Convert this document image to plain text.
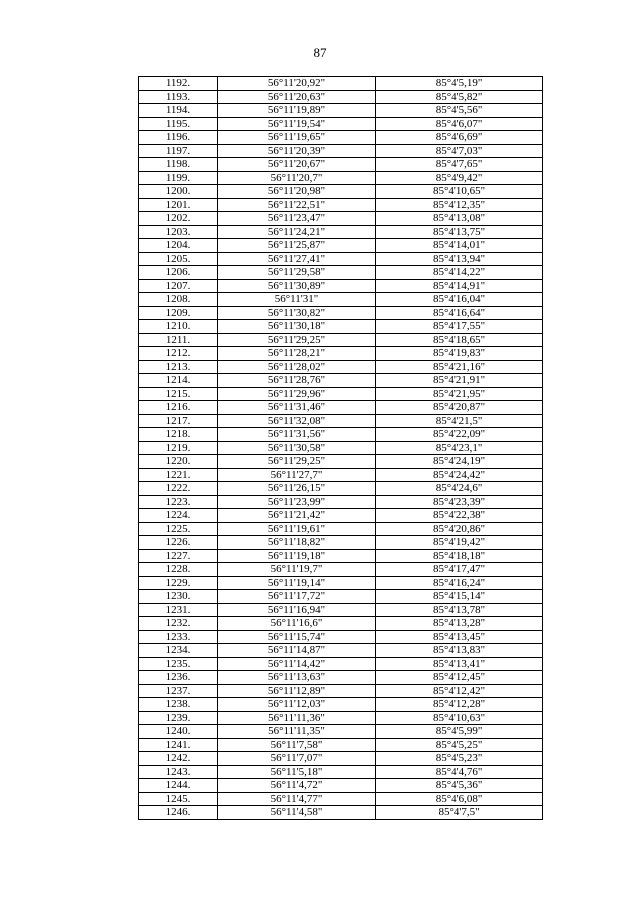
87
1192.	56°11'20,92"	85°4'5,19"
1193.	56°11'20,63"	85°4'5,82"
1194.	56°11'19,89"	85°4'5,56"
1195.	56°11'19,54"	85°4'6,07"
1196.	56°11'19,65"	85°4'6,69"
1197.	56°11'20,39"	85°4'7,03"
1198.	56°11'20,67"	85°4'7,65"
1199.	56°11'20,7"	85°4'9,42"
1200.	56°11'20,98"	85°4'10,65"
1201.	56°11'22,51"	85°4'12,35"
1202.	56°11'23,47"	85°4'13,08"
1203.	56°11'24,21"	85°4'13,75"
1204.	56°11'25,87"	85°4'14,01"
1205.	56°11'27,41"	85°4'13,94"
1206.	56°11'29,58"	85°4'14,22"
1207.	56°11'30,89"	85°4'14,91"
1208.	56°11'31"	85°4'16,04"
1209.	56°11'30,82"	85°4'16,64"
1210.	56°11'30,18"	85°4'17,55"
1211.	56°11'29,25"	85°4'18,65"
1212.	56°11'28,21"	85°4'19,83"
1213.	56°11'28,02"	85°4'21,16"
1214.	56°11'28,76"	85°4'21,91"
1215.	56°11'29,96"	85°4'21,95"
1216.	56°11'31,46"	85°4'20,87"
1217.	56°11'32,08"	85°4'21,5"
1218.	56°11'31,56"	85°4'22,09"
1219.	56°11'30,58"	85°4'23,1"
1220.	56°11'29,25"	85°4'24,19"
1221.	56°11'27,7"	85°4'24,42"
1222.	56°11'26,15"	85°4'24,6"
1223.	56°11'23,99"	85°4'23,39"
1224.	56°11'21,42"	85°4'22,38"
1225.	56°11'19,61"	85°4'20,86"
1226.	56°11'18,82"	85°4'19,42"
1227.	56°11'19,18"	85°4'18,18"
1228.	56°11'19,7"	85°4'17,47"
1229.	56°11'19,14"	85°4'16,24"
1230.	56°11'17,72"	85°4'15,14"
1231.	56°11'16,94"	85°4'13,78"
1232.	56°11'16,6"	85°4'13,28"
1233.	56°11'15,74"	85°4'13,45"
1234.	56°11'14,87"	85°4'13,83"
1235.	56°11'14,42"	85°4'13,41"
1236.	56°11'13,63"	85°4'12,45"
1237.	56°11'12,89"	85°4'12,42"
1238.	56°11'12,03"	85°4'12,28"
1239.	56°11'11,36"	85°4'10,63"
1240.	56°11'11,35"	85°4'5,99"
1241.	56°11'7,58"	85°4'5,25"
1242.	56°11'7,07"	85°4'5,23"
1243.	56°11'5,18"	85°4'4,76"
1244.	56°11'4,72"	85°4'5,36"
1245.	56°11'4,77"	85°4'6,08"
1246.	56°11'4,58"	85°4'7,5"
